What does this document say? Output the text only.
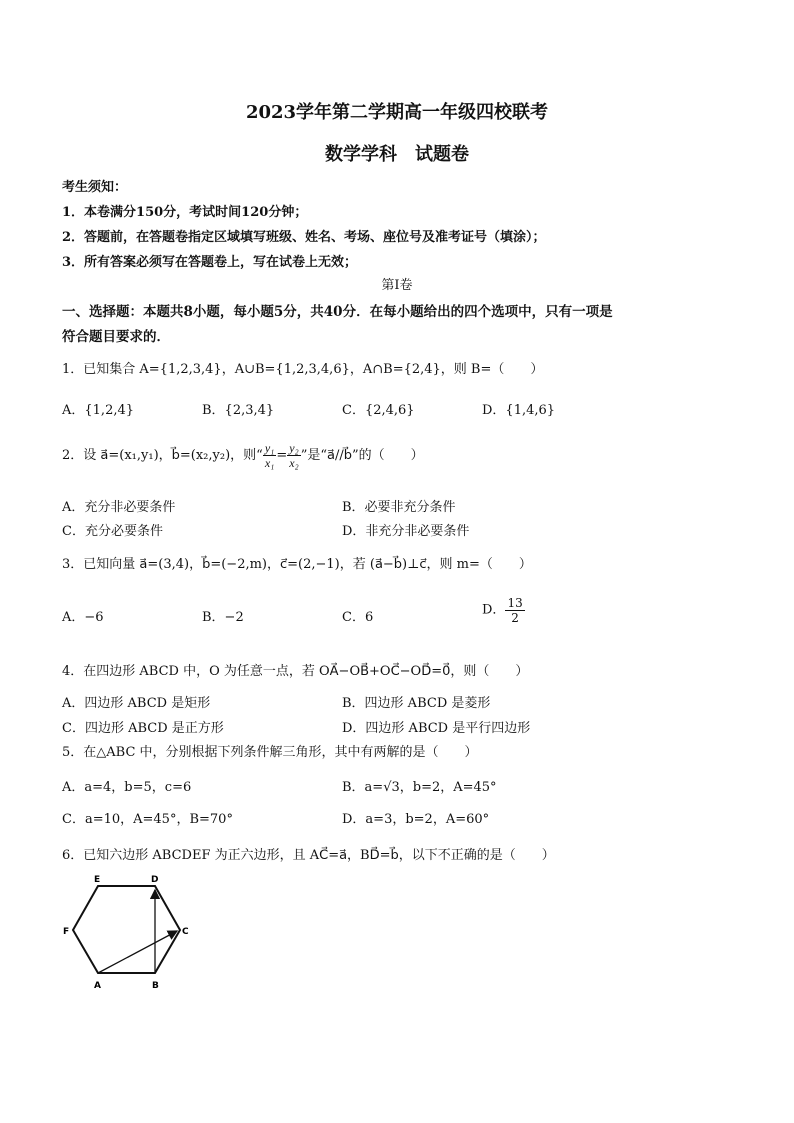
2023学年第二学期高一年级四校联考
数学学科　试题卷
考生须知：
1．本卷满分150分，考试时间120分钟；
2．答题前，在答题卷指定区域填写班级、姓名、考场、座位号及准考证号（填涂）；
3．所有答案必须写在答题卷上，写在试卷上无效；
第Ⅰ卷
一、选择题：本题共8小题，每小题5分，共40分．在每小题给出的四个选项中，只有一项是
符合题目要求的．
1．已知集合 A={1,2,3,4}，A∪B={1,2,3,4,6}，A∩B={2,4}，则 B=（　　）
A．{1,2,4}	B．{2,3,4}	C．{2,4,6}	D．{1,4,6}
2．设 a⃗=(x₁,y₁)，b⃗=(x₂,y₂)，则“ $\frac{\text{y₁}}{\text{x₁}} = \frac{\text{y₂}}{\text{x₂}}$ ”是“a⃗//b⃗”的（　　）
A．充分非必要条件	B．必要非充分条件
C．充分必要条件	D．非充分非必要条件
3．已知向量 a⃗=(3,4)，b⃗=(−2,m)，c⃗=(2,−1)，若 (a⃗−b⃗)⊥c⃗，则 m=（　　）
A．−6	B．−2	C．6	D． $\frac{13}{2}$
4．在四边形 ABCD 中，O 为任意一点，若 OA⃗−OB⃗+OC⃗−OD⃗=0⃗，则（　　）
A．四边形 ABCD 是矩形	B．四边形 ABCD 是菱形
C．四边形 ABCD 是正方形	D．四边形 ABCD 是平行四边形
5．在△ABC 中，分别根据下列条件解三角形，其中有两解的是（　　）
A．a=4，b=5，c=6	B．a=√3，b=2，A=45°
C．a=10，A=45°，B=70°	D．a=3，b=2，A=60°
6．已知六边形 ABCDEF 为正六边形，且 AC⃗=a⃗，BD⃗=b⃗，以下不正确的是（　　）
A	B
C
D
E
F
